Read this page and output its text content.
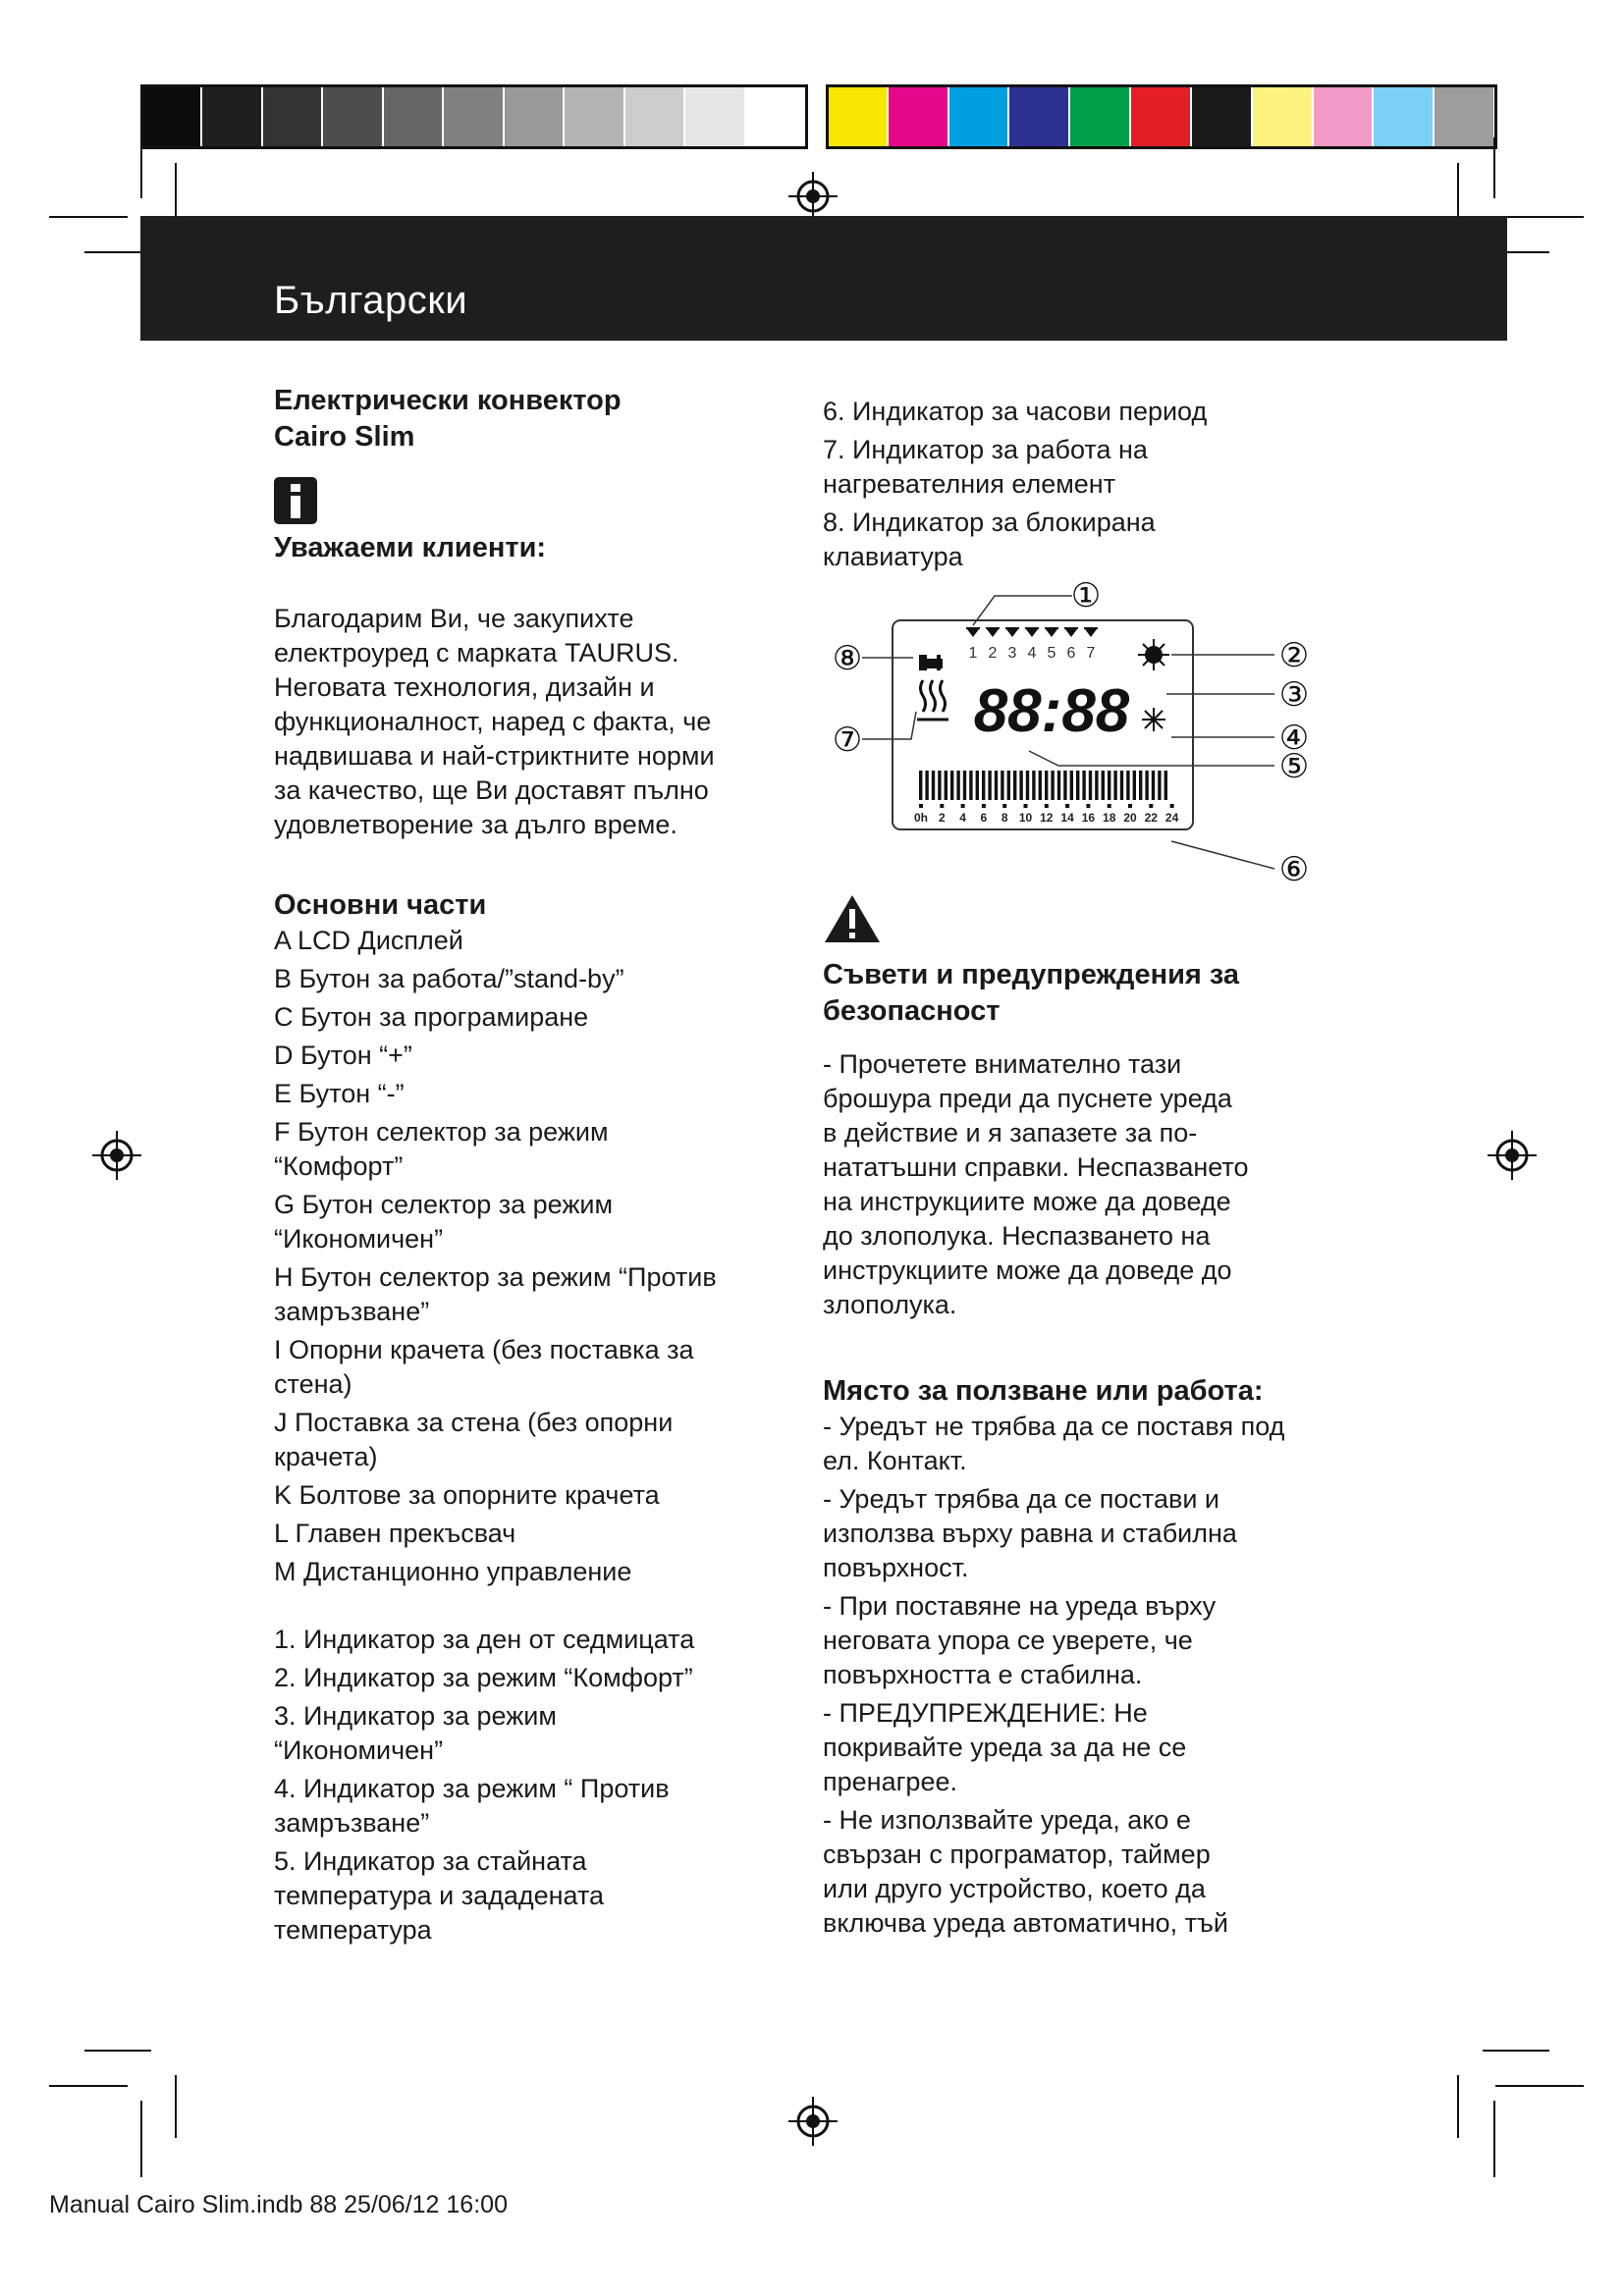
Български

Електрически конвектор

Cairo Slim

Уважаеми клиенти:

Благодарим Ви, че закупихте

електроуред с марката TAURUS.

Неговата технология, дизайн и

функционалност, наред с факта, че

надвишава и най-стриктните норми

за качество, ще Ви доставят пълно

удовлетворение за дълго време.

Основни части

A LCD Дисплей

B Бутон за работа/”stand-by”

C Бутон за програмиране

D Бутон “+”

E Бутон “-”

F Бутон селектор за режим

“Комфорт”

G Бутон селектор за режим

“Икономичен”

H Бутон селектор за режим “Против

замръзване”

I Опорни крачета (без поставка за

стена)

J Поставка за стена (без опорни

крачета)

K Болтове за опорните крачета

L Главен прекъсвач

M Дистанционно управление

1. Индикатор за ден от седмицата

2. Индикатор за режим “Комфорт”

3. Индикатор за режим

“Икономичен”

4. Индикатор за режим “ Против

замръзване”

5. Индикатор за стайната

температура и зададената

температура

6. Индикатор за часови период

7. Индикатор за работа на

нагревателния елемент

8. Индикатор за блокирана

клавиатура

1 2 3 4 5 6 7
88:88
0h 2 4 6 8 10 12 14 16 18 20 22 24
①
②
③
④
⑤
⑥
⑦
⑧

Съвети и предупреждения за

безопасност

- Прочетете внимателно тази

брошура преди да пуснете уреда

в действие и я запазете за по-

нататъшни справки. Неспазването

на инструкциите може да доведе

до злополука. Неспазването на

инструкциите може да доведе до

злополука.

Място за ползване или работа:

- Уредът не трябва да се поставя под

ел. Контакт.

- Уредът трябва да се постави и

използва върху равна и стабилна

повърхност.

- При поставяне на уреда върху

неговата упора се уверете, че

повърхността е стабилна.

- ПРЕДУПРЕЖДЕНИЕ: Не

покривайте уреда за да не се

пренагрее.

- Не използвайте уреда, ако е

свързан с програматор, таймер

или друго устройство, което да

включва уреда автоматично, тъй

Manual Cairo Slim.indb 88 25/06/12 16:00
